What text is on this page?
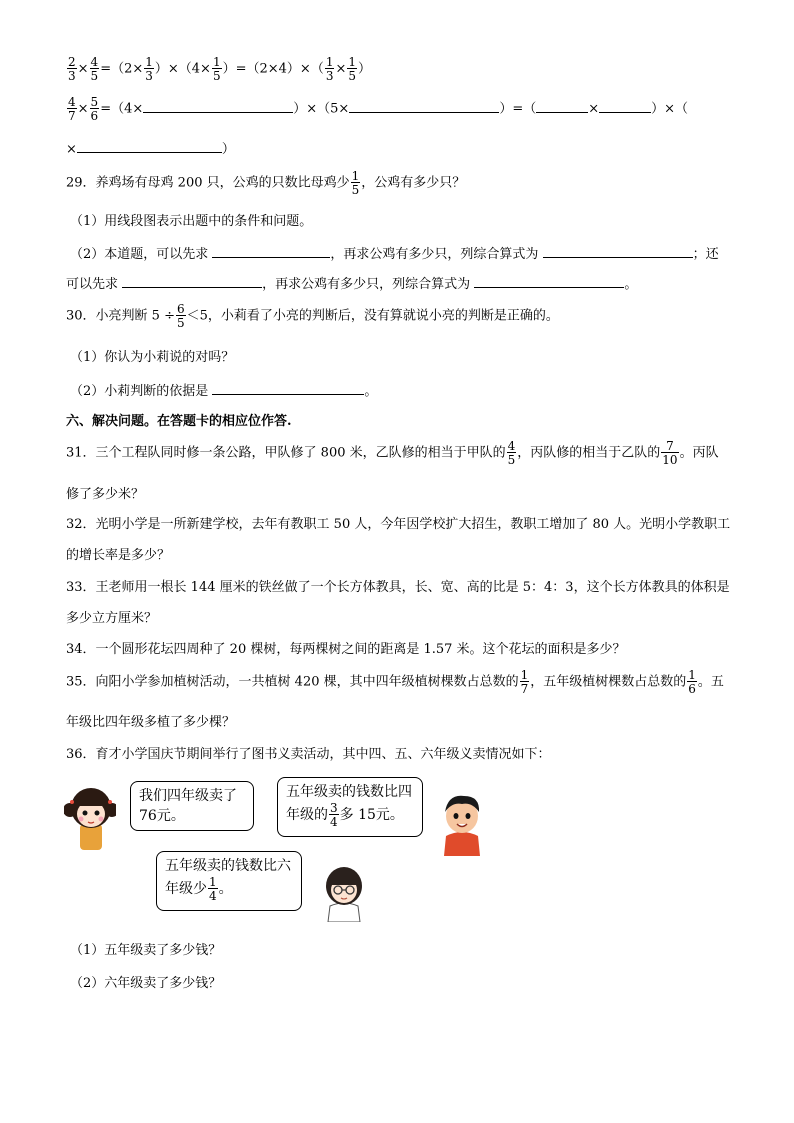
$\frac{2}{3} \times \frac{4}{5} =(2\times \frac{1}{3} )\times(4\times \frac{1}{5} )=(2\times 4)\times( \frac{1}{3} \times \frac{1}{5}$ ）
$\frac{4}{7} \times \frac{5}{6} =(4\times$	）×（5×	）=（	×	）×（
×	）
29．养鸡场有母鸡 200 只，公鸡的只数比母鸡少 $\frac{1}{5}$ ，公鸡有多少只？
（1）用线段图表示出题中的条件和问题。
（2）本道题，可以先求	，再求公鸡有多少只，列综合算式为	；还
可以先求	，再求公鸡有多少只，列综合算式为	。
30．小亮判断 $5 \div \frac{6}{5} <5$，小莉看了小亮的判断后，没有算就说小亮的判断是正确的。
（1）你认为小莉说的对吗？
（2）小莉判断的依据是	。
六、解决问题。在答题卡的相应位作答.
31．三个工程队同时修一条公路，甲队修了 800 米，乙队修的相当于甲队的 $\frac{4}{5}$ ，丙队修的相当于乙队的 $\frac{7}{10}$ 。丙队
修了多少米？
32．光明小学是一所新建学校，去年有教职工 50 人，今年因学校扩大招生，教职工增加了 80 人。光明小学教职工
的增长率是多少？
33．王老师用一根长 144 厘米的铁丝做了一个长方体教具，长、宽、高的比是 5：4：3，这个长方体教具的体积是
多少立方厘米？
34．一个圆形花坛四周种了 20 棵树，每两棵树之间的距离是 1.57 米。这个花坛的面积是多少？
35．向阳小学参加植树活动，一共植树 420 棵，其中四年级植树棵数占总数的 $\frac{1}{7}$ ，五年级植树棵数占总数的 $\frac{1}{6}$ 。五
年级比四年级多植了多少棵？
36．育才小学国庆节期间举行了图书义卖活动，其中四、五、六年级义卖情况如下：
我们四年级卖了
76元。
五年级卖的钱数比四
年级的 $\frac{3}{4}$ 多 15元。
五年级卖的钱数比六
年级少 $\frac{1}{4}$ 。
（1）五年级卖了多少钱？
（2）六年级卖了多少钱？
